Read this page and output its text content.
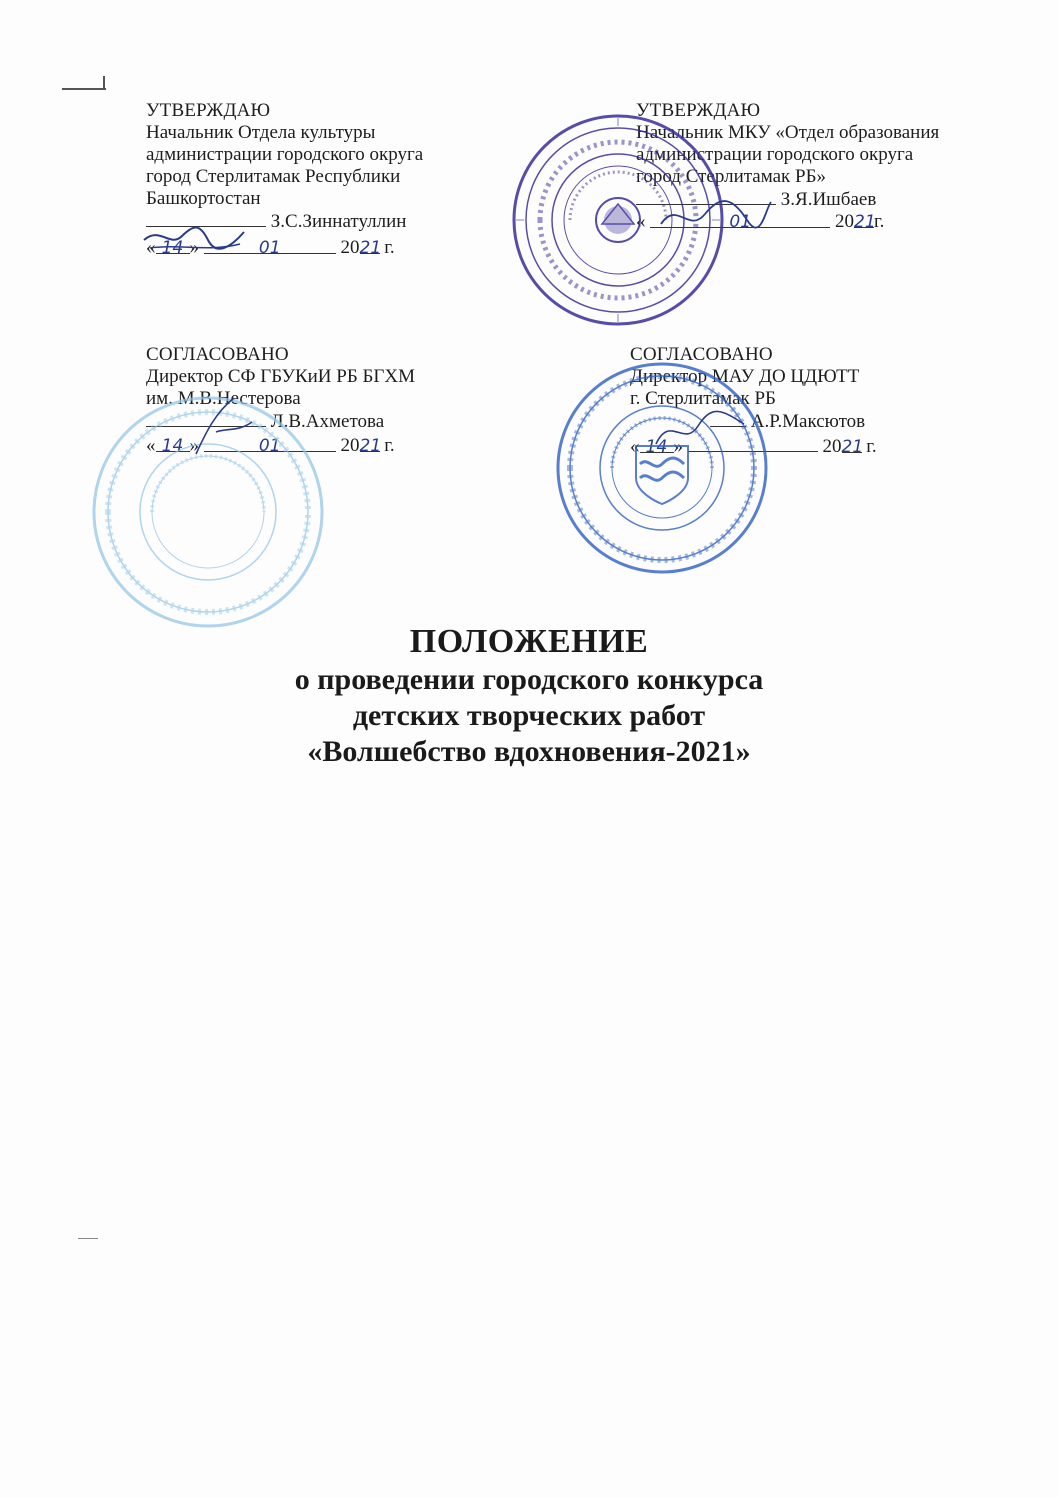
УТВЕРЖДАЮ
Начальник Отдела культуры
администрации городского округа
город Стерлитамак Республики
Башкортостан
З.С.Зиннатуллин
« 14 »	01	2021 г.
УТВЕРЖДАЮ
Начальник МКУ «Отдел образования
администрации городского округа
город Стерлитамак РБ»
З.Я.Ишбаев
«	01	2021г.
СОГЛАСОВАНО
Директор СФ ГБУКиИ РБ БГХМ
им. М.В.Нестерова
Л.В.Ахметова
« 14 »	01	2021 г.
СОГЛАСОВАНО
Директор МАУ ДО ЦДЮТТ
г. Стерлитамак РБ
А.Р.Максютов
« 14 »	2021 г.
ПОЛОЖЕНИЕ
о проведении городского конкурса
детских творческих работ
«Волшебство вдохновения-2021»
